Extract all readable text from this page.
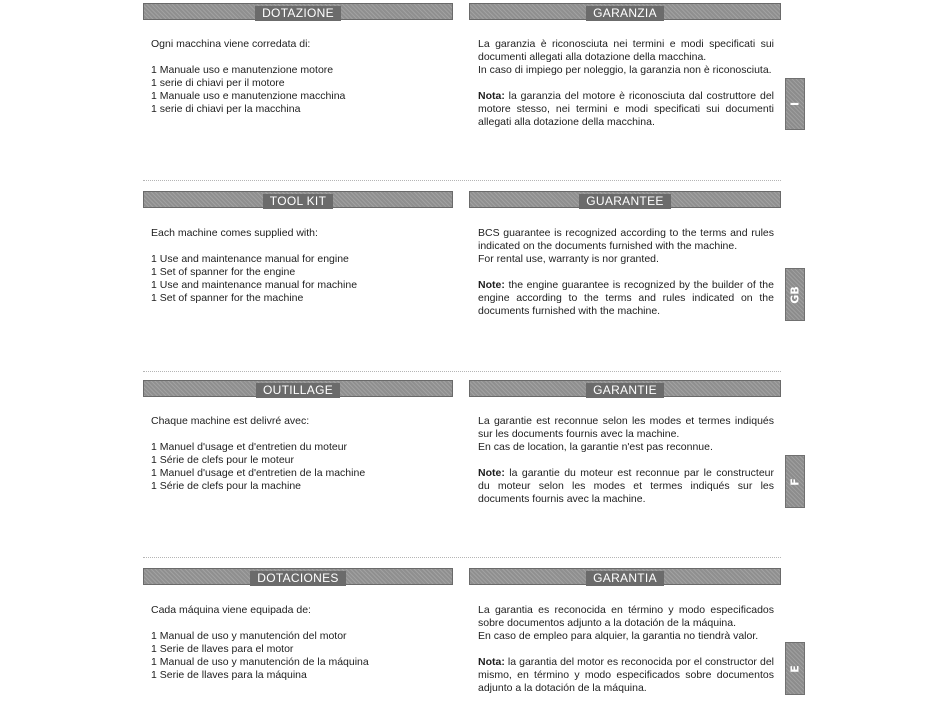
DOTAZIONE	GARANZIA

Ogni macchina viene corredata di:

1 Manuale uso e manutenzione motore

1 serie di chiavi per il motore

1 Manuale uso e manutenzione macchina

1 serie di chiavi per la macchina

La garanzia è riconosciuta nei termini e modi specificati sui documenti allegati alla dotazione della macchina.

In caso di impiego per noleggio, la garanzia non è riconosciuta.

Nota: la garanzia del motore è riconosciuta dal costruttore del motore stesso, nei termini e modi specificati sui documenti allegati alla dotazione della macchina.

I
TOOL KIT	GUARANTEE

Each machine comes supplied with:

1 Use and maintenance manual for engine

1 Set of spanner for the engine

1 Use and maintenance manual for machine

1 Set of spanner for the machine

BCS guarantee is recognized according to the terms and rules indicated on the documents furnished with the machine.

For rental use, warranty is nor granted.

Note: the engine guarantee is recognized by the builder of the engine according to the terms and rules indicated on the documents furnished with the machine.

GB
OUTILLAGE	GARANTIE

Chaque machine est delivré avec:

1 Manuel d'usage et d'entretien du moteur

1 Série de clefs pour le moteur

1 Manuel d'usage et d'entretien de la machine

1 Série de clefs pour la machine

La garantie est reconnue selon les modes et termes indiqués sur les documents fournis avec la machine.

En cas de location, la garantie n'est pas reconnue.

Note: la garantie du moteur est reconnue par le constructeur du moteur selon les modes et termes indiqués sur les documents fournis avec la machine.

F
DOTACIONES	GARANTIA

Cada máquina viene equipada de:

1 Manual de uso y manutención del motor

1 Serie de llaves para el motor

1 Manual de uso y manutención de la máquina

1 Serie de llaves para la máquina

La garantia es reconocida en término y modo especificados sobre documentos adjunto a la dotación de la máquina.

En caso de empleo para alquier, la garantia no tiendrà valor.

Nota: la garantia del motor es reconocida por el constructor del mismo, en término y modo especificados sobre documentos adjunto a la dotación de la máquina.

E
